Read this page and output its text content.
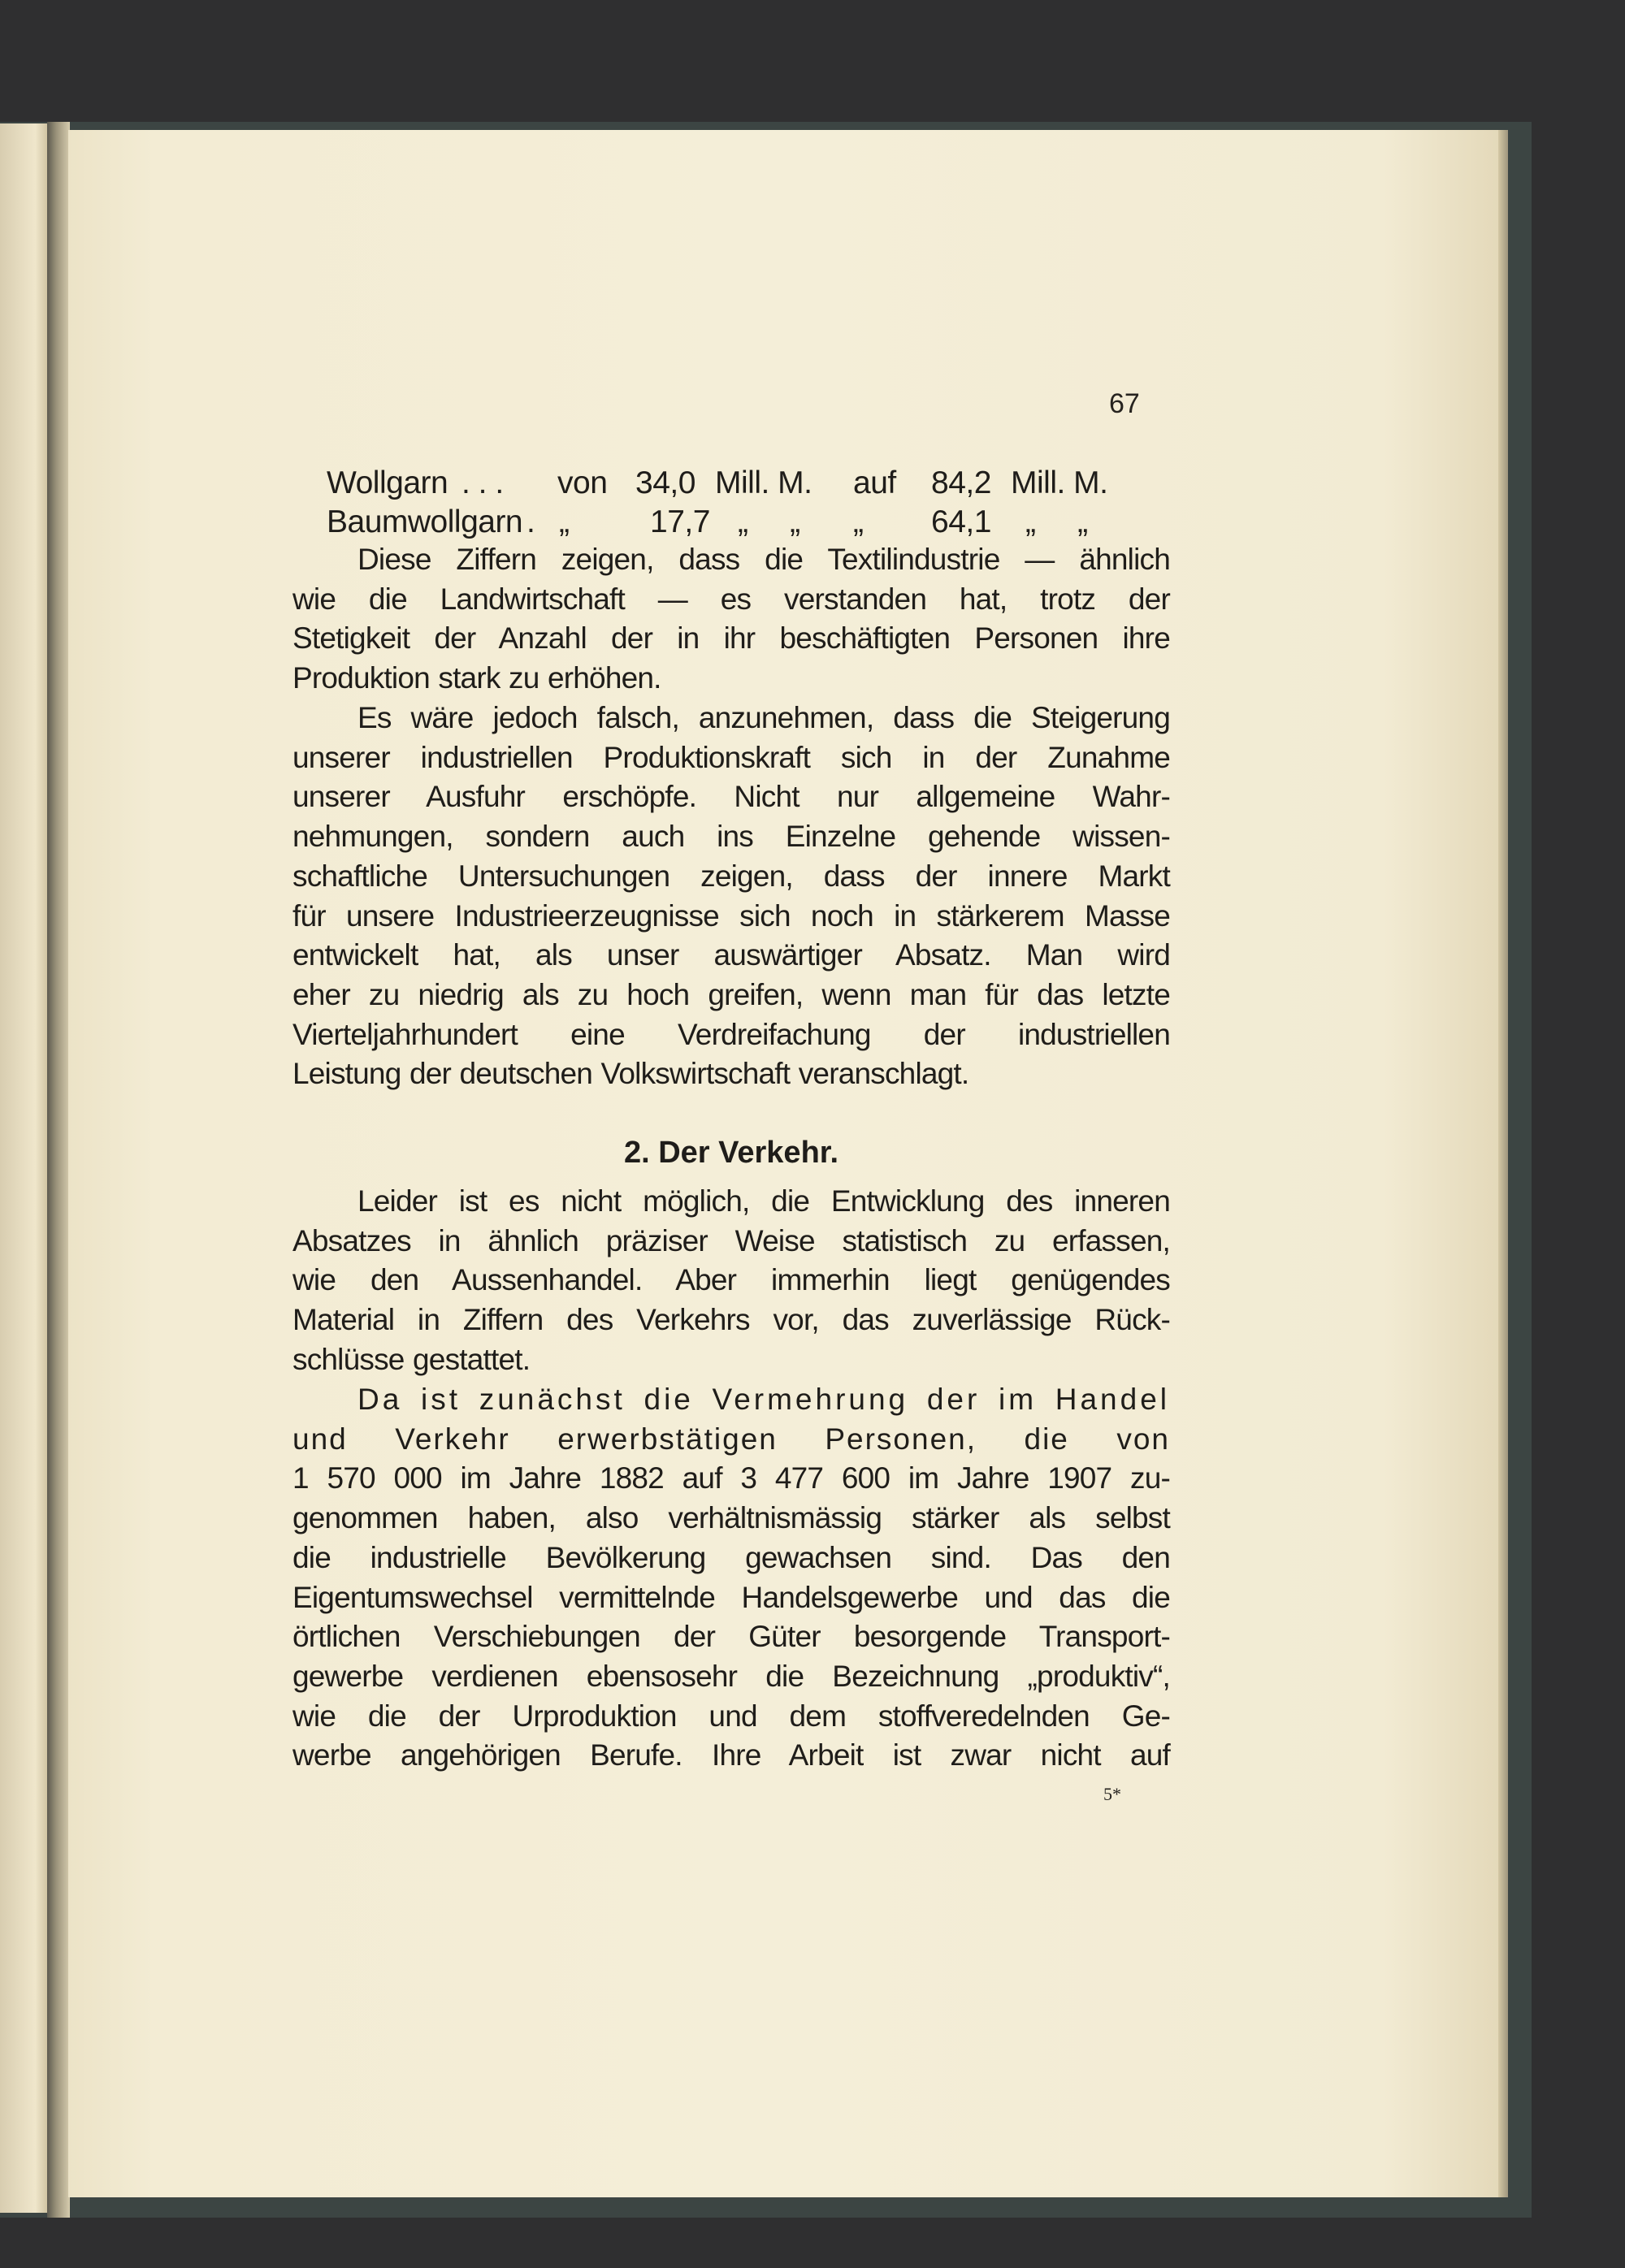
67
Wollgarn . . . von 34,0 Mill. M. auf 84,2 Mill. M.
Baumwollgarn . „	17,7 „     „ „ 64,1 „     „
Diese Ziffern zeigen, dass die Textilindustrie — ähnlich
wie die Landwirtschaft — es verstanden hat, trotz der
Stetigkeit der Anzahl der in ihr beschäftigten Personen ihre
Produktion stark zu erhöhen.
Es wäre jedoch falsch, anzunehmen, dass die Steigerung
unserer industriellen Produktionskraft sich in der Zunahme
unserer Ausfuhr erschöpfe. Nicht nur allgemeine Wahr-
nehmungen, sondern auch ins Einzelne gehende wissen-
schaftliche Untersuchungen zeigen, dass der innere Markt
für unsere Industrieerzeugnisse sich noch in stärkerem Masse
entwickelt hat, als unser auswärtiger Absatz. Man wird
eher zu niedrig als zu hoch greifen, wenn man für das letzte
Vierteljahrhundert eine Verdreifachung der industriellen
Leistung der deutschen Volkswirtschaft veranschlagt.
2. Der Verkehr.
Leider ist es nicht möglich, die Entwicklung des inneren
Absatzes in ähnlich präziser Weise statistisch zu erfassen,
wie den Aussenhandel. Aber immerhin liegt genügendes
Material in Ziffern des Verkehrs vor, das zuverlässige Rück-
schlüsse gestattet.
Da ist zunächst die Vermehrung der im Handel
und Verkehr erwerbstätigen Personen, die von
1 570 000 im Jahre 1882 auf 3 477 600 im Jahre 1907 zu-
genommen haben, also verhältnismässig stärker als selbst
die industrielle Bevölkerung gewachsen sind. Das den
Eigentumswechsel vermittelnde Handelsgewerbe und das die
örtlichen Verschiebungen der Güter besorgende Transport-
gewerbe verdienen ebensosehr die Bezeichnung „produktiv“,
wie die der Urproduktion und dem stoffveredelnden Ge-
werbe angehörigen Berufe. Ihre Arbeit ist zwar nicht auf
5*
